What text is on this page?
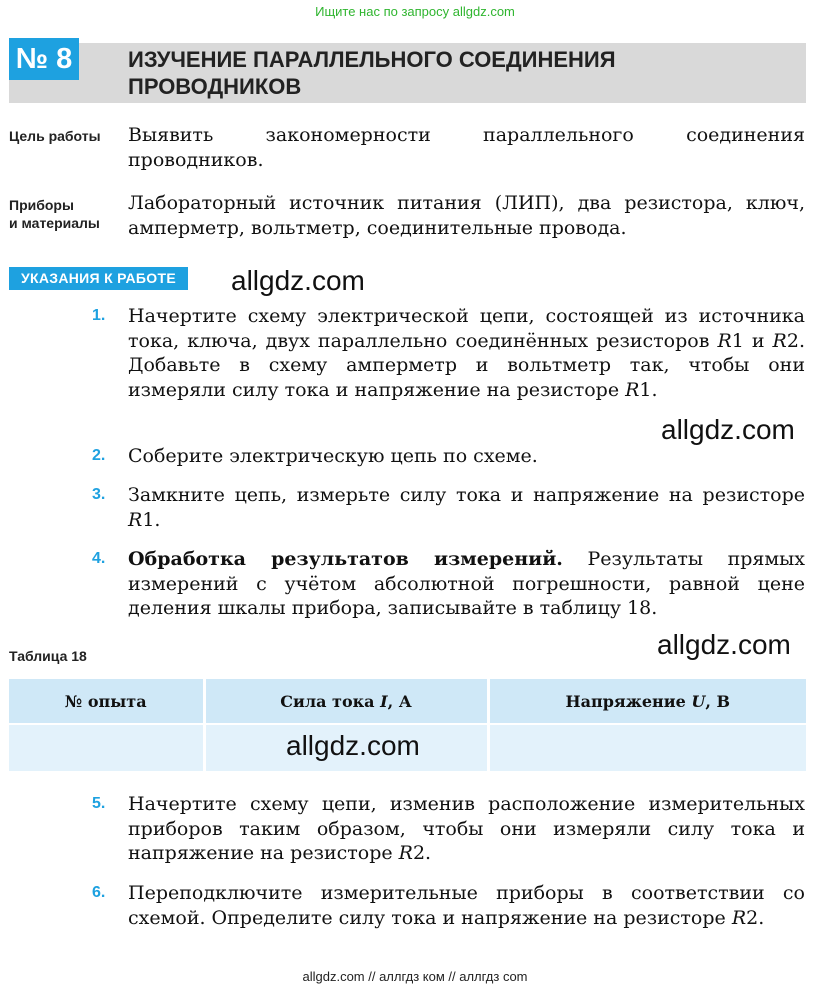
Ищите нас по запросу allgdz.com
№ 8	ИЗУЧЕНИЕ ПАРАЛЛЕЛЬНОГО СОЕДИНЕНИЯ ПРОВОДНИКОВ
Цель работы	Выявить закономерности параллельного соединения проводников.
Приборы
и материалы
Лабораторный источник питания (ЛИП), два резистора, ключ, амперметр, вольтметр, соединительные провода.
УКАЗАНИЯ К РАБОТЕ	allgdz.com
allgdz.com
allgdz.com
1.	Начертите схему электрической цепи, состоящей из источника тока, ключа, двух параллельно соединённых резисторов R1 и R2. Добавьте в схему амперметр и вольтметр так, чтобы они измеряли силу тока и напряжение на резисторе R1.
2.	Соберите электрическую цепь по схеме.
3.	Замкните цепь, измерьте силу тока и напряжение на резисторе R1.
4.	Обработка результатов измерений. Результаты прямых измерений с учётом абсолютной погрешности, равной цене деления шкалы прибора, записывайте в таблицу 18.
Таблица 18
№ опыта	Сила тока I, А	Напряжение U, В

allgdz.com
5.	Начертите схему цепи, изменив расположение измерительных приборов таким образом, чтобы они измеряли силу тока и напряжение на резисторе R2.
6.	Переподключите измерительные приборы в соответствии со схемой. Определите силу тока и напряжение на резисторе R2.
allgdz.com // аллгдз ком // аллгдз com
